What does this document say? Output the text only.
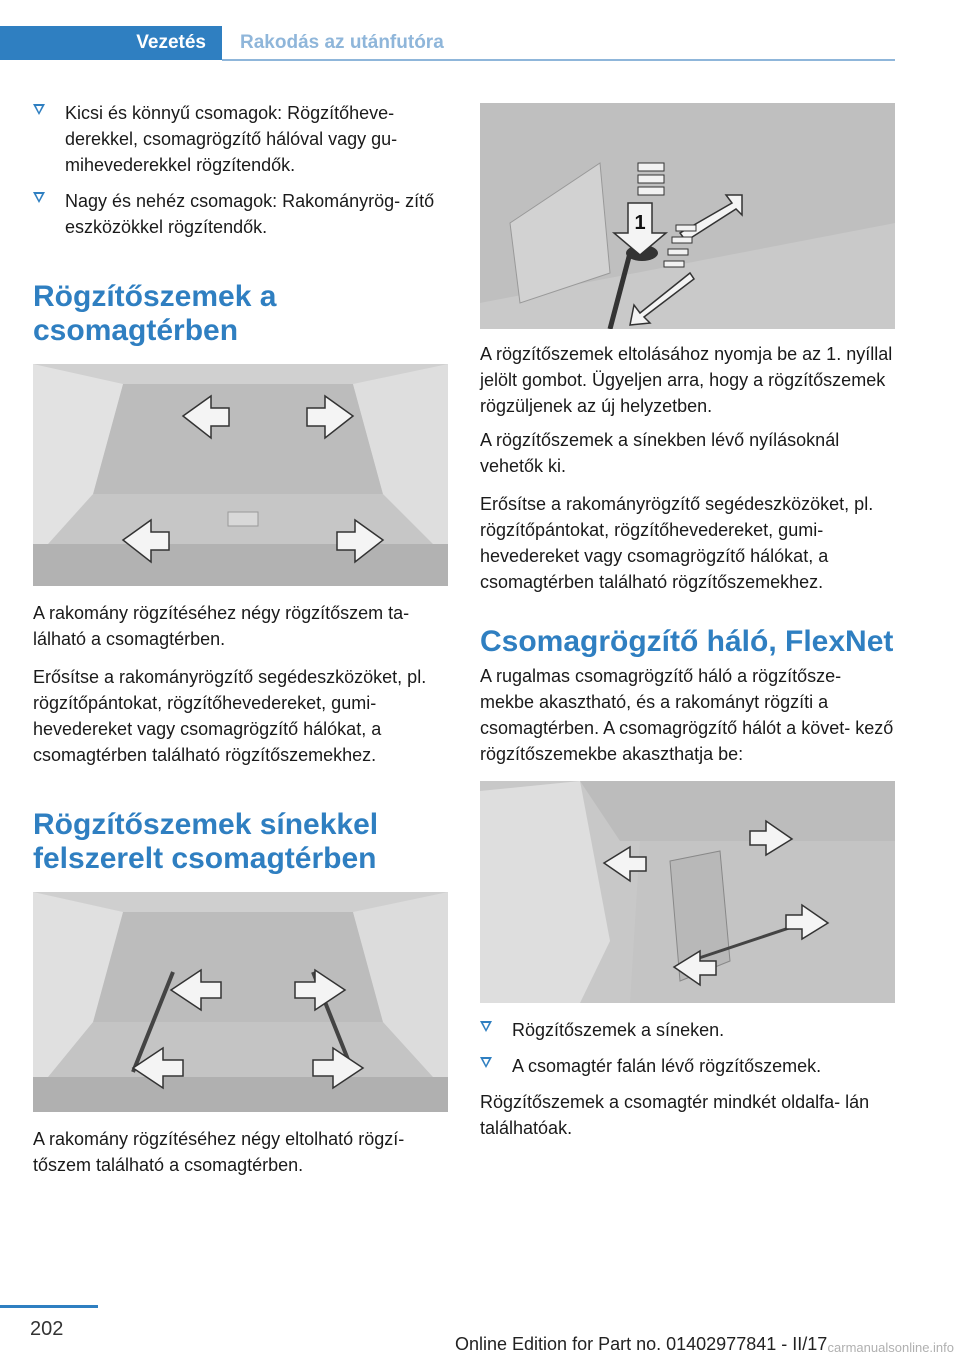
Vezetés	Rakodás az utánfutóra
Kicsi és könnyű csomagok: Rögzítőheve- derekkel, csomagrögzítő hálóval vagy gu- mihevederekkel rögzítendők.
Nagy és nehéz csomagok: Rakományrög- zítő eszközökkel rögzítendők.
Rögzítőszemek a csomagtérben

A rakomány rögzítéséhez négy rögzítőszem ta- lálható a csomagtérben.

Erősítse a rakományrögzítő segédeszközöket, pl. rögzítőpántokat, rögzítőhevedereket, gumi- hevedereket vagy csomagrögzítő hálókat, a csomagtérben található rögzítőszemekhez.

Rögzítőszemek sínekkel felszerelt csomagtérben

A rakomány rögzítéséhez négy eltolható rögzí- tőszem található a csomagtérben.

1

A rögzítőszemek eltolásához nyomja be az 1. nyíllal jelölt gombot. Ügyeljen arra, hogy a rögzítőszemek rögzüljenek az új helyzetben.

A rögzítőszemek a sínekben lévő nyílásoknál vehetők ki.

Erősítse a rakományrögzítő segédeszközöket, pl. rögzítőpántokat, rögzítőhevedereket, gumi- hevedereket vagy csomagrögzítő hálókat, a csomagtérben található rögzítőszemekhez.

Csomagrögzítő háló, FlexNet

A rugalmas csomagrögzítő háló a rögzítősze- mekbe akasztható, és a rakományt rögzíti a csomagtérben. A csomagrögzítő hálót a követ- kező rögzítőszemekbe akaszthatja be:

Rögzítőszemek a síneken.
A csomagtér falán lévő rögzítőszemek.

Rögzítőszemek a csomagtér mindkét oldalfa- lán találhatóak.

202
Online Edition for Part no. 01402977841 - II/17 carmanualsonline.info
